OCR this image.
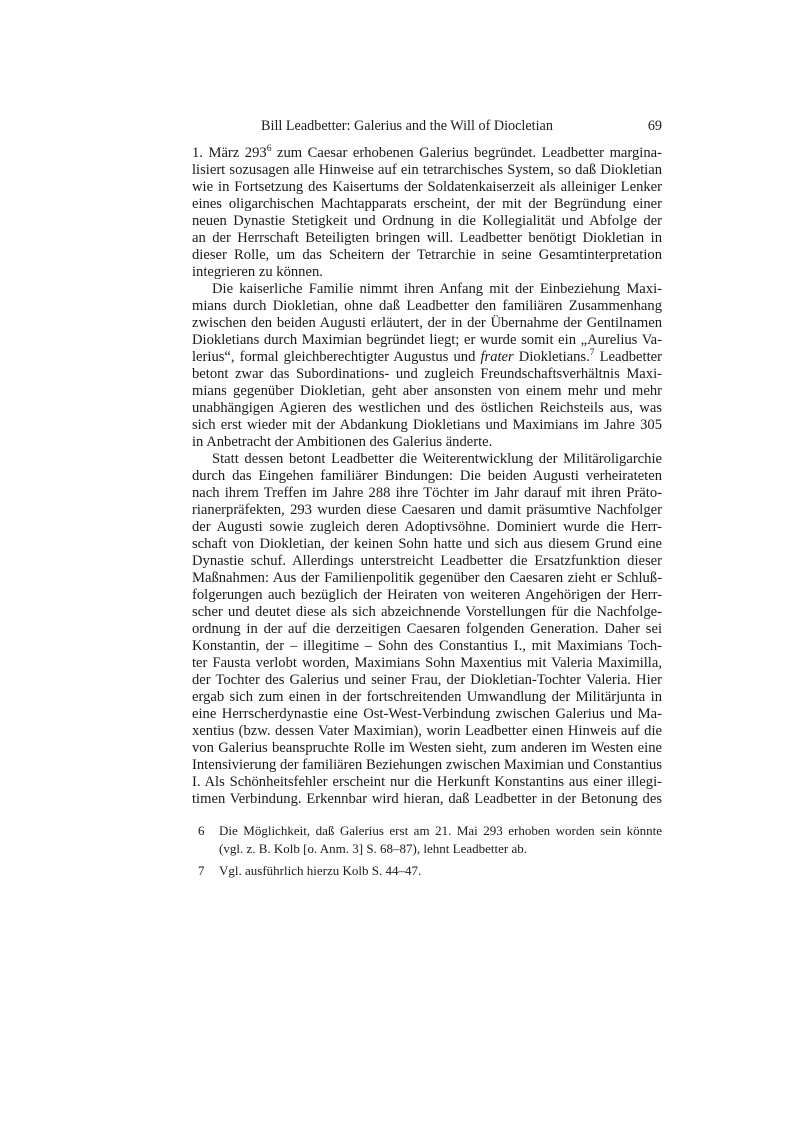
Bill Leadbetter: Galerius and the Will of Diocletian	69
1. März $293^6$ zum Caesar erhobenen Galerius begründet. Leadbetter margina-
lisiert sozusagen alle Hinweise auf ein tetrarchisches System, so daß Diokletian
wie in Fortsetzung des Kaisertums der Soldatenkaiserzeit als alleiniger Lenker
eines oligarchischen Machtapparats erscheint, der mit der Begründung einer
neuen Dynastie Stetigkeit und Ordnung in die Kollegialität und Abfolge der
an der Herrschaft Beteiligten bringen will. Leadbetter benötigt Diokletian in
dieser Rolle, um das Scheitern der Tetrarchie in seine Gesamtinterpretation
integrieren zu können.
Die kaiserliche Familie nimmt ihren Anfang mit der Einbeziehung Maxi-
mians durch Diokletian, ohne daß Leadbetter den familiären Zusammenhang
zwischen den beiden Augusti erläutert, der in der Übernahme der Gentilnamen
Diokletians durch Maximian begründet liegt; er wurde somit ein „Aurelius Va-
lerius“, formal gleichberechtigter Augustus und frater Diokletians.$^7$ Leadbetter
betont zwar das Subordinations- und zugleich Freundschaftsverhältnis Maxi-
mians gegenüber Diokletian, geht aber ansonsten von einem mehr und mehr
unabhängigen Agieren des westlichen und des östlichen Reichsteils aus, was
sich erst wieder mit der Abdankung Diokletians und Maximians im Jahre 305
in Anbetracht der Ambitionen des Galerius änderte.
Statt dessen betont Leadbetter die Weiterentwicklung der Militäroligarchie
durch das Eingehen familiärer Bindungen: Die beiden Augusti verheirateten
nach ihrem Treffen im Jahre 288 ihre Töchter im Jahr darauf mit ihren Präto-
rianerpräfekten, 293 wurden diese Caesaren und damit präsumtive Nachfolger
der Augusti sowie zugleich deren Adoptivsöhne. Dominiert wurde die Herr-
schaft von Diokletian, der keinen Sohn hatte und sich aus diesem Grund eine
Dynastie schuf. Allerdings unterstreicht Leadbetter die Ersatzfunktion dieser
Maßnahmen: Aus der Familienpolitik gegenüber den Caesaren zieht er Schluß-
folgerungen auch bezüglich der Heiraten von weiteren Angehörigen der Herr-
scher und deutet diese als sich abzeichnende Vorstellungen für die Nachfolge-
ordnung in der auf die derzeitigen Caesaren folgenden Generation. Daher sei
Konstantin, der – illegitime – Sohn des Constantius I., mit Maximians Toch-
ter Fausta verlobt worden, Maximians Sohn Maxentius mit Valeria Maximilla,
der Tochter des Galerius und seiner Frau, der Diokletian-Tochter Valeria. Hier
ergab sich zum einen in der fortschreitenden Umwandlung der Militärjunta in
eine Herrscherdynastie eine Ost-West-Verbindung zwischen Galerius und Ma-
xentius (bzw. dessen Vater Maximian), worin Leadbetter einen Hinweis auf die
von Galerius beanspruchte Rolle im Westen sieht, zum anderen im Westen eine
Intensivierung der familiären Beziehungen zwischen Maximian und Constantius
I. Als Schönheitsfehler erscheint nur die Herkunft Konstantins aus einer illegi-
timen Verbindung. Erkennbar wird hieran, daß Leadbetter in der Betonung des
6 Die Möglichkeit, daß Galerius erst am 21. Mai 293 erhoben worden sein könnte
(vgl. z. B. Kolb [o. Anm. 3] S. 68–87), lehnt Leadbetter ab.
7 Vgl. ausführlich hierzu Kolb S. 44–47.
